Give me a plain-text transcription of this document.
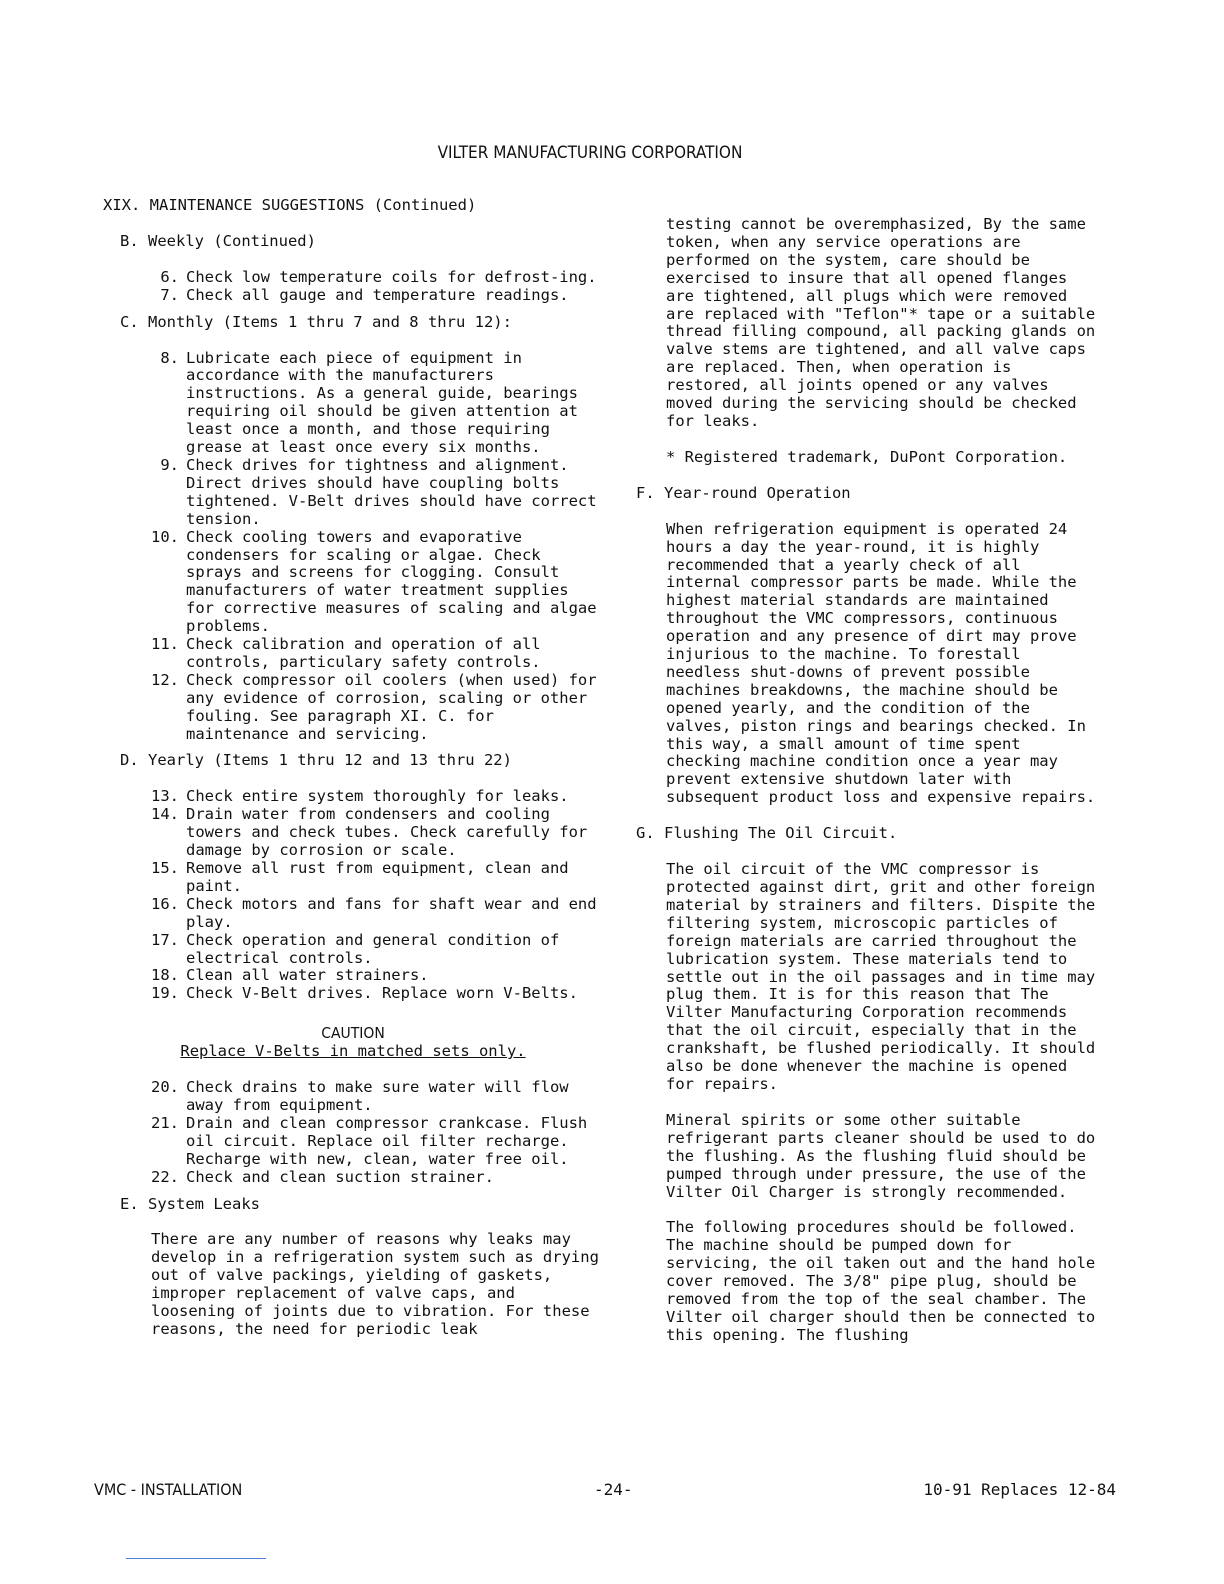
VILTER MANUFACTURING CORPORATION

XIX. MAINTENANCE SUGGESTIONS (Continued)

B. Weekly (Continued)

6. Check low temperature coils for defrost-ing.
7. Check all gauge and temperature readings.

C. Monthly (Items 1 thru 7 and 8 thru 12):

8. Lubricate each piece of equipment in accordance with the manufacturers instructions. As a general guide, bearings requiring oil should be given attention at least once a month, and those requiring grease at least once every six months.
9. Check drives for tightness and alignment. Direct drives should have coupling bolts tightened. V-Belt drives should have correct tension.
10. Check cooling towers and evaporative condensers for scaling or algae. Check sprays and screens for clogging. Consult manufacturers of water treatment supplies for corrective measures of scaling and algae problems.
11. Check calibration and operation of all controls, particulary safety controls.
12. Check compressor oil coolers (when used) for any evidence of corrosion, scaling or other fouling. See paragraph XI. C. for maintenance and servicing.

D. Yearly (Items 1 thru 12 and 13 thru 22)

13. Check entire system thoroughly for leaks.
14. Drain water from condensers and cooling towers and check tubes. Check carefully for damage by corrosion or scale.
15. Remove all rust from equipment, clean and paint.
16. Check motors and fans for shaft wear and end play.
17. Check operation and general condition of electrical controls.
18. Clean all water strainers.
19. Check V-Belt drives. Replace worn V-Belts.
CAUTION
Replace V-Belts in matched sets only.
20. Check drains to make sure water will flow away from equipment.
21. Drain and clean compressor crankcase. Flush oil circuit. Replace oil filter recharge. Recharge with new, clean, water free oil.
22. Check and clean suction strainer.

E. System Leaks

There are any number of reasons why leaks may develop in a refrigeration system such as drying out of valve packings, yielding of gaskets, improper replacement of valve caps, and loosening of joints due to vibration. For these reasons, the need for periodic leak

testing cannot be overemphasized, By the same token, when any service operations are performed on the system, care should be exercised to insure that all opened flanges are tightened, all plugs which were removed are replaced with "Teflon"* tape or a suitable thread filling compound, all packing glands on valve stems are tightened, and all valve caps are replaced. Then, when operation is restored, all joints opened or any valves moved during the servicing should be checked for leaks.

* Registered trademark, DuPont Corporation.

F. Year-round Operation

When refrigeration equipment is operated 24 hours a day the year-round, it is highly recommended that a yearly check of all internal compressor parts be made. While the highest material standards are maintained throughout the VMC compressors, continuous operation and any presence of dirt may prove injurious to the machine. To forestall needless shut-downs of prevent possible machines breakdowns, the machine should be opened yearly, and the condition of the valves, piston rings and bearings checked. In this way, a small amount of time spent checking machine condition once a year may prevent extensive shutdown later with subsequent product loss and expensive repairs.

G. Flushing The Oil Circuit.

The oil circuit of the VMC compressor is protected against dirt, grit and other foreign material by strainers and filters. Dispite the filtering system, microscopic particles of foreign materials are carried throughout the lubrication system. These materials tend to settle out in the oil passages and in time may plug them. It is for this reason that The Vilter Manufacturing Corporation recommends that the oil circuit, especially that in the crankshaft, be flushed periodically. It should also be done whenever the machine is opened for repairs.

Mineral spirits or some other suitable refrigerant parts cleaner should be used to do the flushing. As the flushing fluid should be pumped through under pressure, the use of the Vilter Oil Charger is strongly recommended.

The following procedures should be followed. The machine should be pumped down for servicing, the oil taken out and the hand hole cover removed. The 3/8" pipe plug, should be removed from the top of the seal chamber. The Vilter oil charger should then be connected to this opening. The flushing

VMC - INSTALLATION	-24-	10-91 Replaces 12-84
